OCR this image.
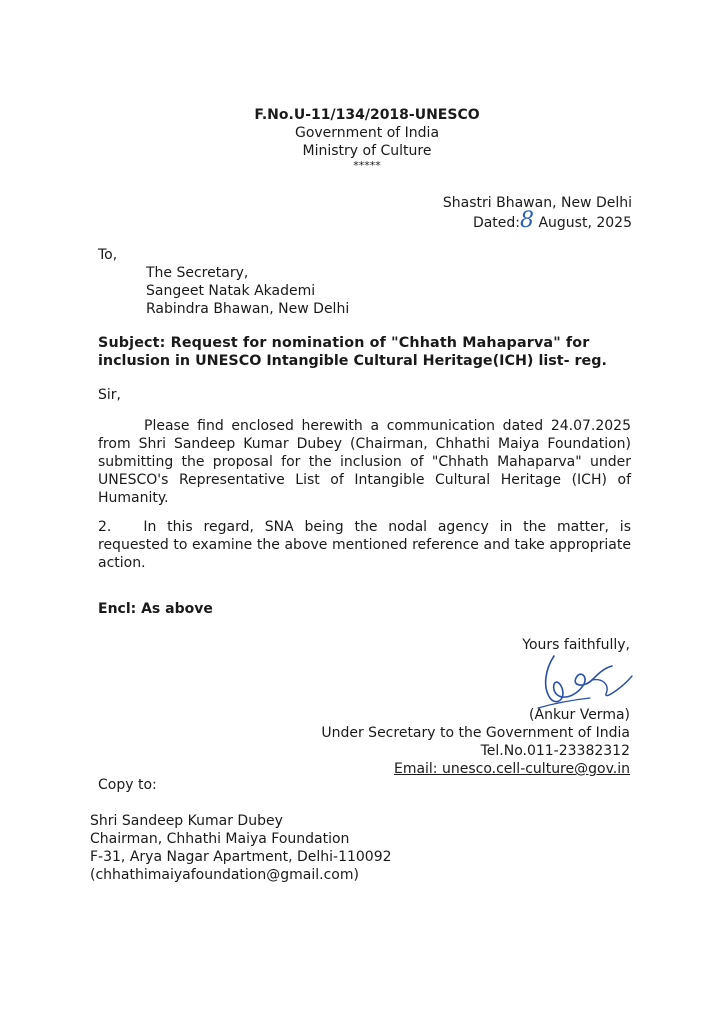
F.No.U-11/134/2018-UNESCO
Government of India
Ministry of Culture
*****
Shastri Bhawan, New Delhi
Dated:8 August, 2025
To,
The Secretary,
Sangeet Natak Akademi
Rabindra Bhawan, New Delhi
Subject: Request for nomination of "Chhath Mahaparva" for
inclusion in UNESCO Intangible Cultural Heritage(ICH) list- reg.
Sir,
Please find enclosed herewith a communication dated 24.07.2025 from Shri Sandeep Kumar Dubey (Chairman, Chhathi Maiya Foundation) submitting the proposal for the inclusion of "Chhath Mahaparva" under UNESCO's Representative List of Intangible Cultural Heritage (ICH) of Humanity.
2. In this regard, SNA being the nodal agency in the matter, is requested to examine the above mentioned reference and take appropriate action.
Encl: As above
Yours faithfully,
(Ankur Verma)
Under Secretary to the Government of India
Tel.No.011-23382312
Email: unesco.cell-culture@gov.in
Copy to:
Shri Sandeep Kumar Dubey
Chairman, Chhathi Maiya Foundation
F-31, Arya Nagar Apartment, Delhi-110092
(chhathimaiyafoundation@gmail.com)
